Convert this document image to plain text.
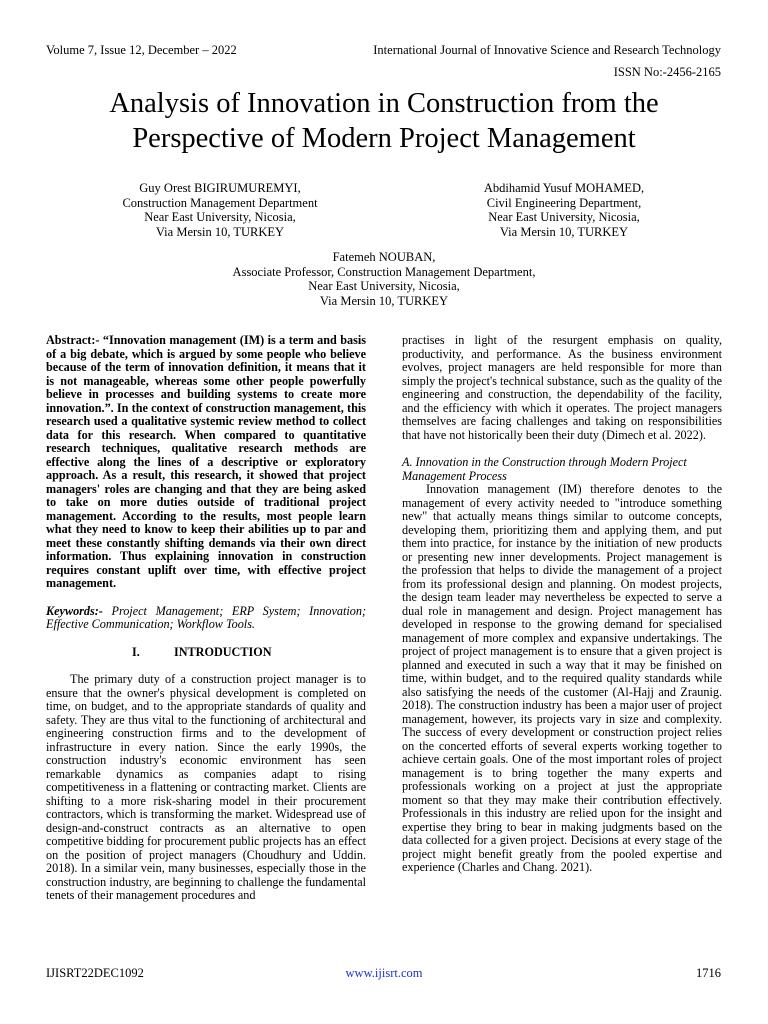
Volume 7, Issue 12, December – 2022	International Journal of Innovative Science and Research Technology
ISSN No:-2456-2165
Analysis of Innovation in Construction from the
Perspective of Modern Project Management
Guy Orest BIGIRUMUREMYI,
Construction Management Department
Near East University, Nicosia,
Via Mersin 10, TURKEY
Abdihamid Yusuf MOHAMED,
Civil Engineering Department,
Near East University, Nicosia,
Via Mersin 10, TURKEY
Fatemeh NOUBAN,
Associate Professor, Construction Management Department,
Near East University, Nicosia,
Via Mersin 10, TURKEY

Abstract:- “Innovation management (IM) is a term and basis of a big debate, which is argued by some people who believe because of the term of innovation definition, it means that it is not manageable, whereas some other people powerfully believe in processes and building systems to create more innovation.”. In the context of construction management, this research used a qualitative systemic review method to collect data for this research. When compared to quantitative research techniques, qualitative research methods are effective along the lines of a descriptive or exploratory approach. As a result, this research, it showed that project managers' roles are changing and that they are being asked to take on more duties outside of traditional project management. According to the results, most people learn what they need to know to keep their abilities up to par and meet these constantly shifting demands via their own direct information. Thus explaining innovation in construction requires constant uplift over time, with effective project management.

Keywords:- Project Management; ERP System; Innovation; Effective Communication; Workflow Tools.

I.	INTRODUCTION

The primary duty of a construction project manager is to ensure that the owner's physical development is completed on time, on budget, and to the appropriate standards of quality and safety. They are thus vital to the functioning of architectural and engineering construction firms and to the development of infrastructure in every nation. Since the early 1990s, the construction industry's economic environment has seen remarkable dynamics as companies adapt to rising competitiveness in a flattening or contracting market. Clients are shifting to a more risk-sharing model in their procurement contractors, which is transforming the market. Widespread use of design-and-construct contracts as an alternative to open competitive bidding for procurement public projects has an effect on the position of project managers (Choudhury and Uddin. 2018). In a similar vein, many businesses, especially those in the construction industry, are beginning to challenge the fundamental tenets of their management procedures and

practises in light of the resurgent emphasis on quality, productivity, and performance. As the business environment evolves, project managers are held responsible for more than simply the project's technical substance, such as the quality of the engineering and construction, the dependability of the facility, and the efficiency with which it operates. The project managers themselves are facing challenges and taking on responsibilities that have not historically been their duty (Dimech et al. 2022).

A. Innovation in the Construction through Modern Project Management Process

Innovation management (IM) therefore denotes to the management of every activity needed to "introduce something new" that actually means things similar to outcome concepts, developing them, prioritizing them and applying them, and put them into practice, for instance by the initiation of new products or presenting new inner developments. Project management is the profession that helps to divide the management of a project from its professional design and planning. On modest projects, the design team leader may nevertheless be expected to serve a dual role in management and design. Project management has developed in response to the growing demand for specialised management of more complex and expansive undertakings. The project of project management is to ensure that a given project is planned and executed in such a way that it may be finished on time, within budget, and to the required quality standards while also satisfying the needs of the customer (Al-Hajj and Zraunig. 2018). The construction industry has been a major user of project management, however, its projects vary in size and complexity. The success of every development or construction project relies on the concerted efforts of several experts working together to achieve certain goals. One of the most important roles of project management is to bring together the many experts and professionals working on a project at just the appropriate moment so that they may make their contribution effectively. Professionals in this industry are relied upon for the insight and expertise they bring to bear in making judgments based on the data collected for a given project. Decisions at every stage of the project might benefit greatly from the pooled expertise and experience (Charles and Chang. 2021).

IJISRT22DEC1092	www.ijisrt.com	1716
